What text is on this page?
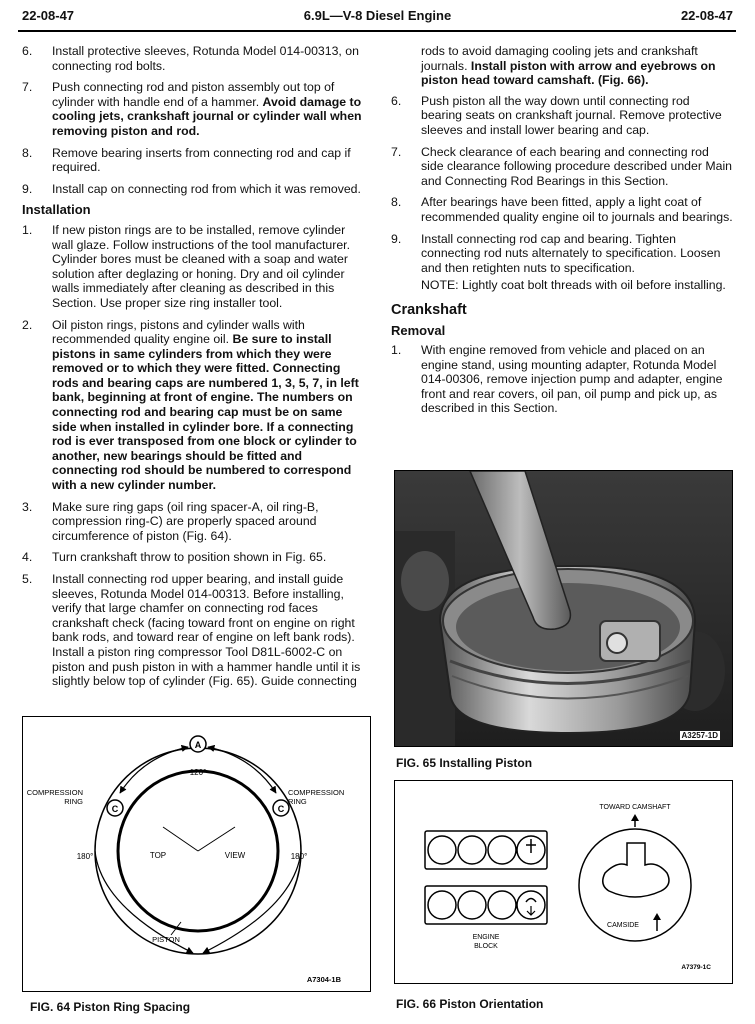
22-08-47	6.9L—V-8 Diesel Engine	22-08-47
6.	Install protective sleeves, Rotunda Model 014-00313, on connecting rod bolts.
7.	Push connecting rod and piston assembly out top of cylinder with handle end of a hammer. Avoid damage to cooling jets, crankshaft journal or cylinder wall when removing piston and rod.
8.	Remove bearing inserts from connecting rod and cap if required.
9.	Install cap on connecting rod from which it was removed.
Installation
1.	If new piston rings are to be installed, remove cylinder wall glaze. Follow instructions of the tool manufacturer. Cylinder bores must be cleaned with a soap and water solution after deglazing or honing. Dry and oil cylinder walls immediately after cleaning as described in this Section. Use proper size ring installer tool.
2.	Oil piston rings, pistons and cylinder walls with recommended quality engine oil. Be sure to install pistons in same cylinders from which they were removed or to which they were fitted. Connecting rods and bearing caps are numbered 1, 3, 5, 7, in left bank, beginning at front of engine. The numbers on connecting rod and bearing cap must be on same side when installed in cylinder bore. If a connecting rod is ever transposed from one block or cylinder to another, new bearings should be fitted and connecting rod should be numbered to correspond with a new cylinder number.
3.	Make sure ring gaps (oil ring spacer-A, oil ring-B, compression ring-C) are properly spaced around circumference of piston (Fig. 64).
4.	Turn crankshaft throw to position shown in Fig. 65.
5.	Install connecting rod upper bearing, and install guide sleeves, Rotunda Model 014-00313. Before installing, verify that large chamfer on connecting rod faces crankshaft check (facing toward front on engine on right bank rods, and toward rear of engine on left bank rods). Install a piston ring compressor Tool D81L-6002-C on piston and push piston in with a hammer handle until it is slightly below top of cylinder (Fig. 65). Guide connecting
rods to avoid damaging cooling jets and crankshaft journals. Install piston with arrow and eyebrows on piston head toward camshaft. (Fig. 66).
6.	Push piston all the way down until connecting rod bearing seats on crankshaft journal. Remove protective sleeves and install lower bearing and cap.
7.	Check clearance of each bearing and connecting rod side clearance following procedure described under Main and Connecting Rod Bearings in this Section.
8.	After bearings have been fitted, apply a light coat of recommended quality engine oil to journals and bearings.
9.	Install connecting rod cap and bearing. Tighten connecting rod nuts alternately to specification. Loosen and then retighten nuts to specification.
NOTE: Lightly coat bolt threads with oil before installing.
Crankshaft
Removal
1.	With engine removed from vehicle and placed on an engine stand, using mounting adapter, Rotunda Model 014-00306, remove injection pump and adapter, engine front and rear covers, oil pan, oil pump and pick up, as described in this Section.
A3257-1D
FIG. 65 Installing Piston
A
C	C
120°
180°	180°
COMPRESSION
RING
COMPRESSION
RING
TOP	VIEW
PISTON
A7304-1B
FIG. 64 Piston Ring Spacing
ENGINE
BLOCK
TOWARD CAMSHAFT
CAMSIDE
A7379-1C
FIG. 66 Piston Orientation
